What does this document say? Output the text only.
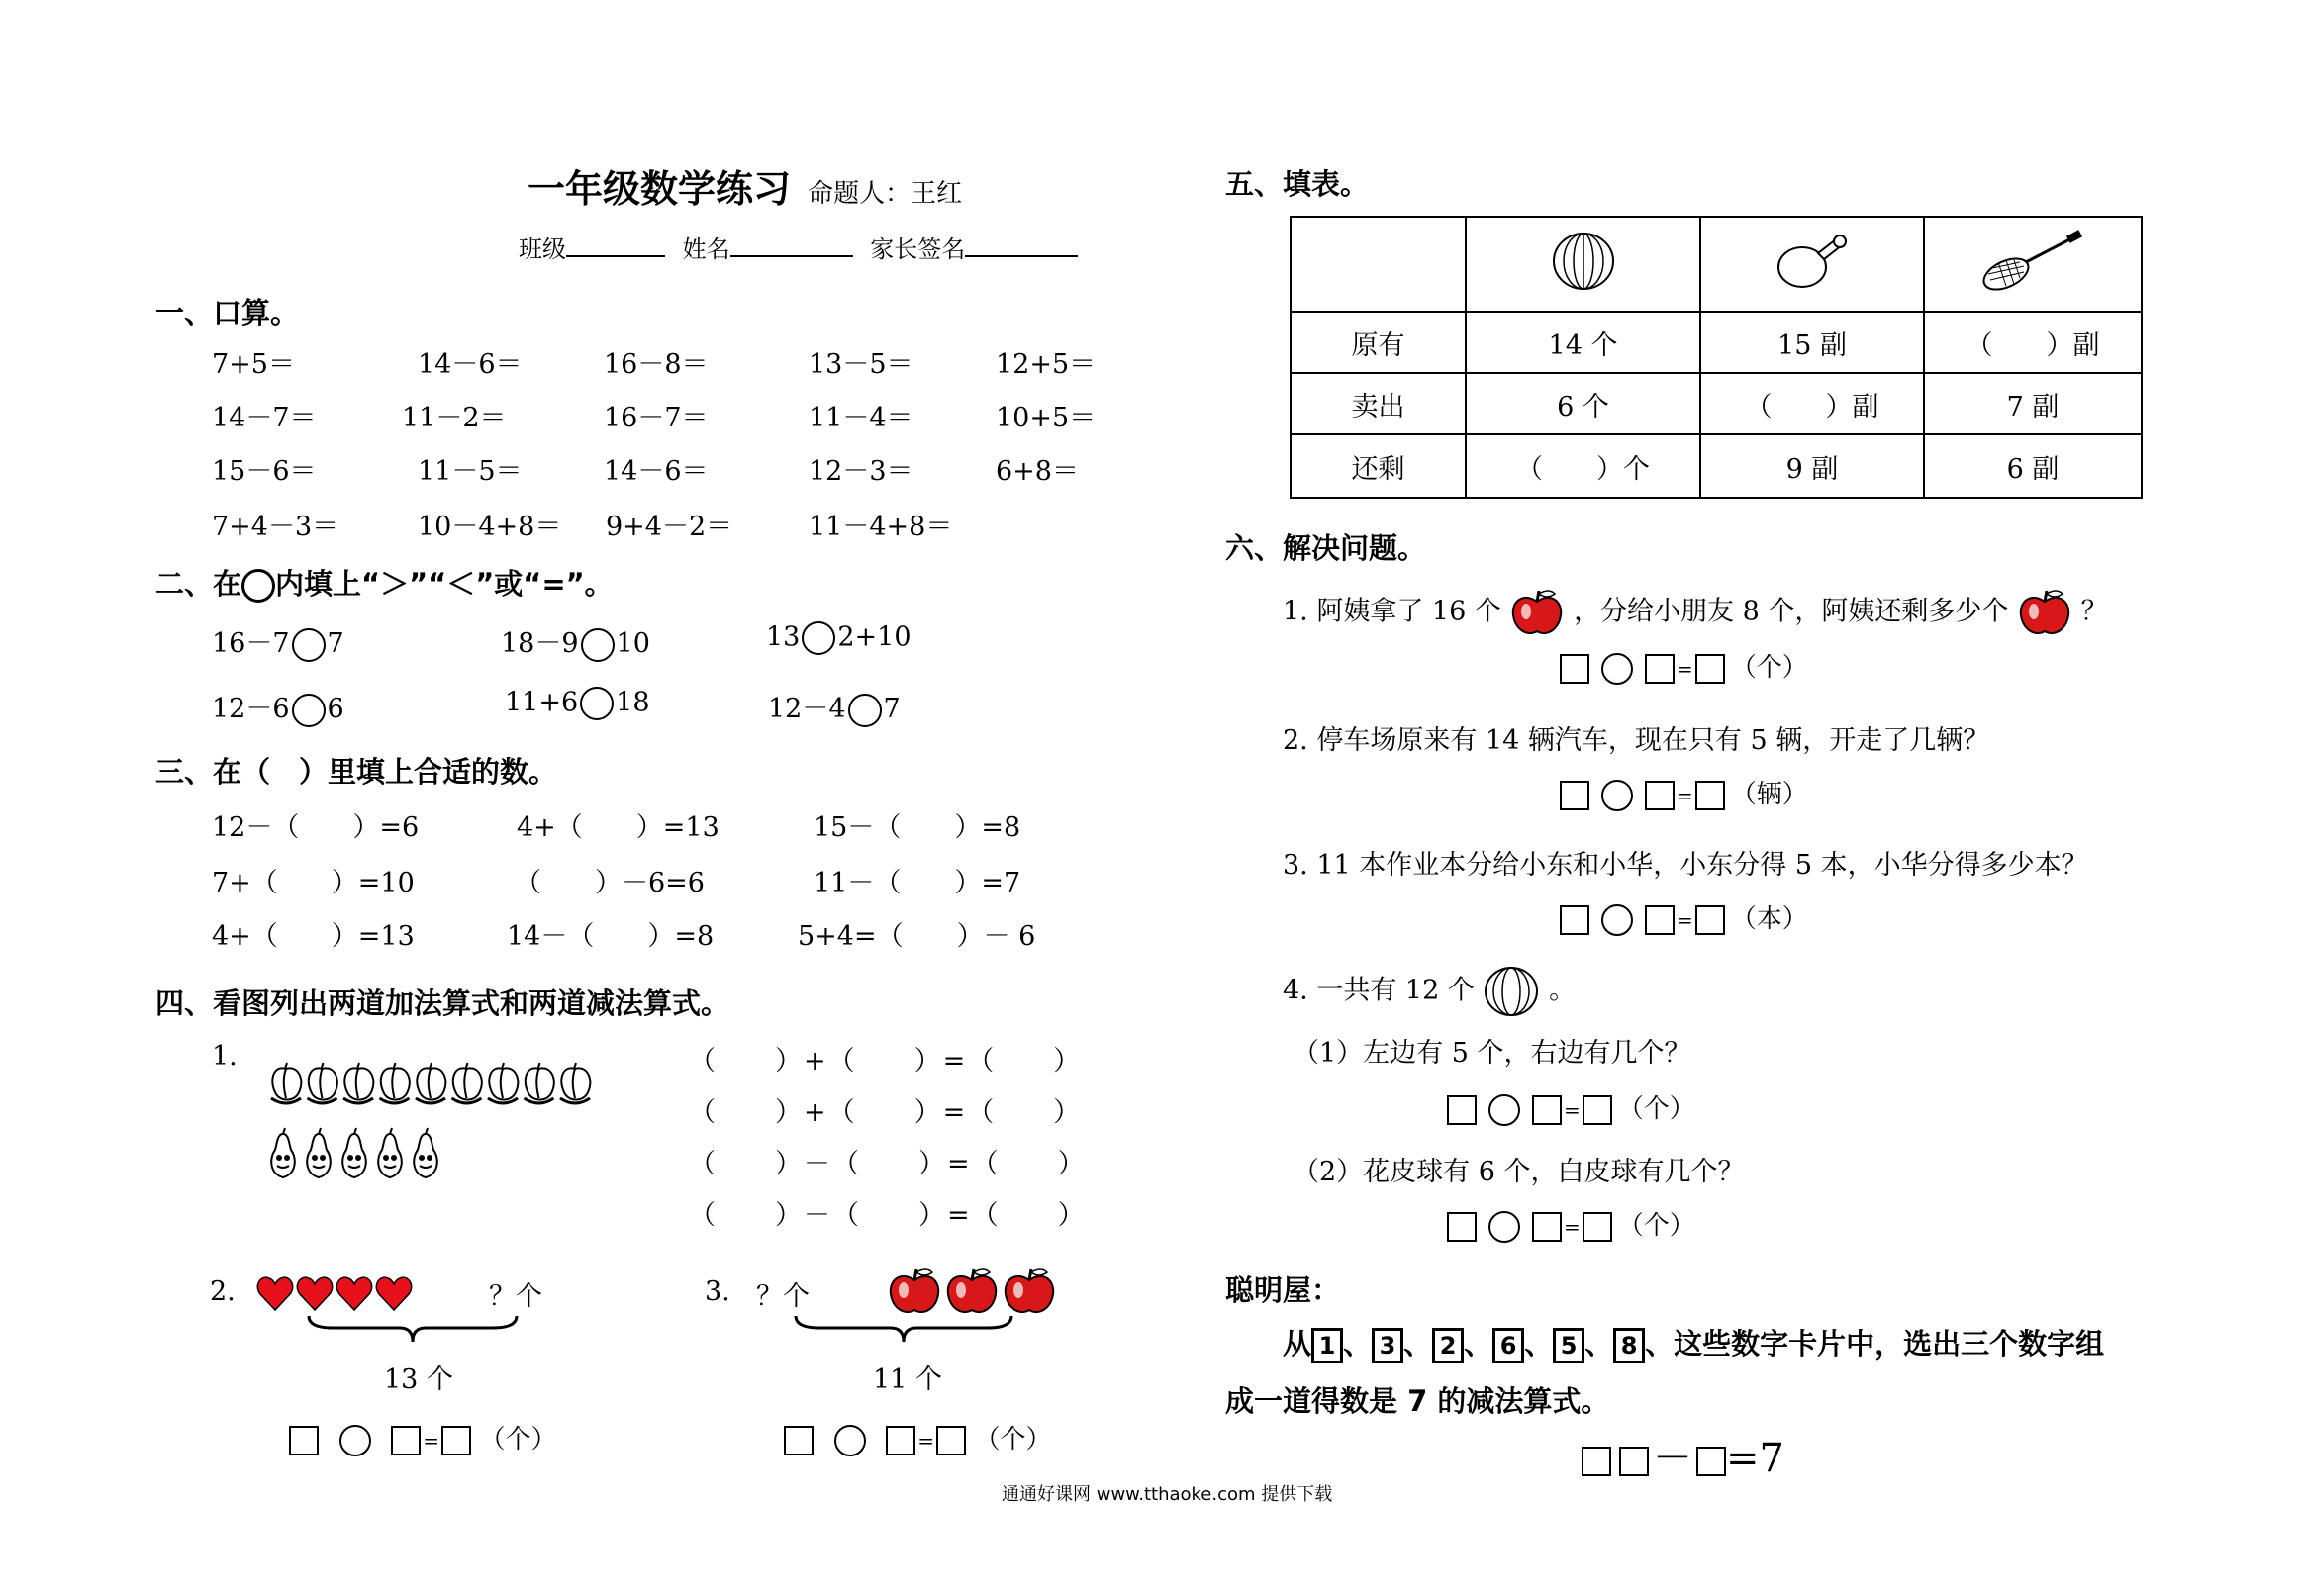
一年级数学练习 命题人：王红
班级	姓名	家长签名
一、口算。
7+5＝	14－6＝	16－8＝	13－5＝	12+5＝
14－7＝	11－2＝	16－7＝	11－4＝	10+5＝
15－6＝	11－5＝	14－6＝	12－3＝	6+8＝
7+4－3＝	10－4+8＝ 9+4－2＝	11－4+8＝
二、在 内填上“＞”“＜”或“=”。
16－7 7	18－9 10	13 2+10
12－6 6	11+6 18	12－4 7
三、在（　）里填上合适的数。
12－（　　）=6	4+（　　）=13	15－（　　）=8
7+（　　）=10	（　　）－6=6	11－（　　）=7
4+（　　）=13	14－（　　）=8	5+4=（　　）－ 6
四、看图列出两道加法算式和两道减法算式。
1.	（　　）+（　　）=（　　）
（　　）+（　　）=（　　）
（　　）－（　　）=（　　）
（　　）－（　　）=（　　）
2.	？个
13 个
= （个）
3. ？个
11 个
= （个）
五、填表。

原有	14 个	15 副	（　　）副
卖出	6 个	（　　）副	7 副
还剩	（　　）个	9 副	6 副
六、解决问题。
1. 阿姨拿了 16 个	，分给小朋友 8 个，阿姨还剩多少个	？
= （个）
= （辆）
= （本）
= （个）
= （个）
2. 停车场原来有 14 辆汽车，现在只有 5 辆，开走了几辆？
3. 11 本作业本分给小东和小华，小东分得 5 本，小华分得多少本？
4. 一共有 12 个	。
（1）左边有 5 个，右边有几个？
（2）花皮球有 6 个，白皮球有几个？
聪明屋：
从 1 、 3 、 2 、 6 、 5 、 8 、这些数字卡片中，选出三个数字组
成一道得数是 7 的减法算式。
－ =7
通通好课网 www.tthaoke.com 提供下载
